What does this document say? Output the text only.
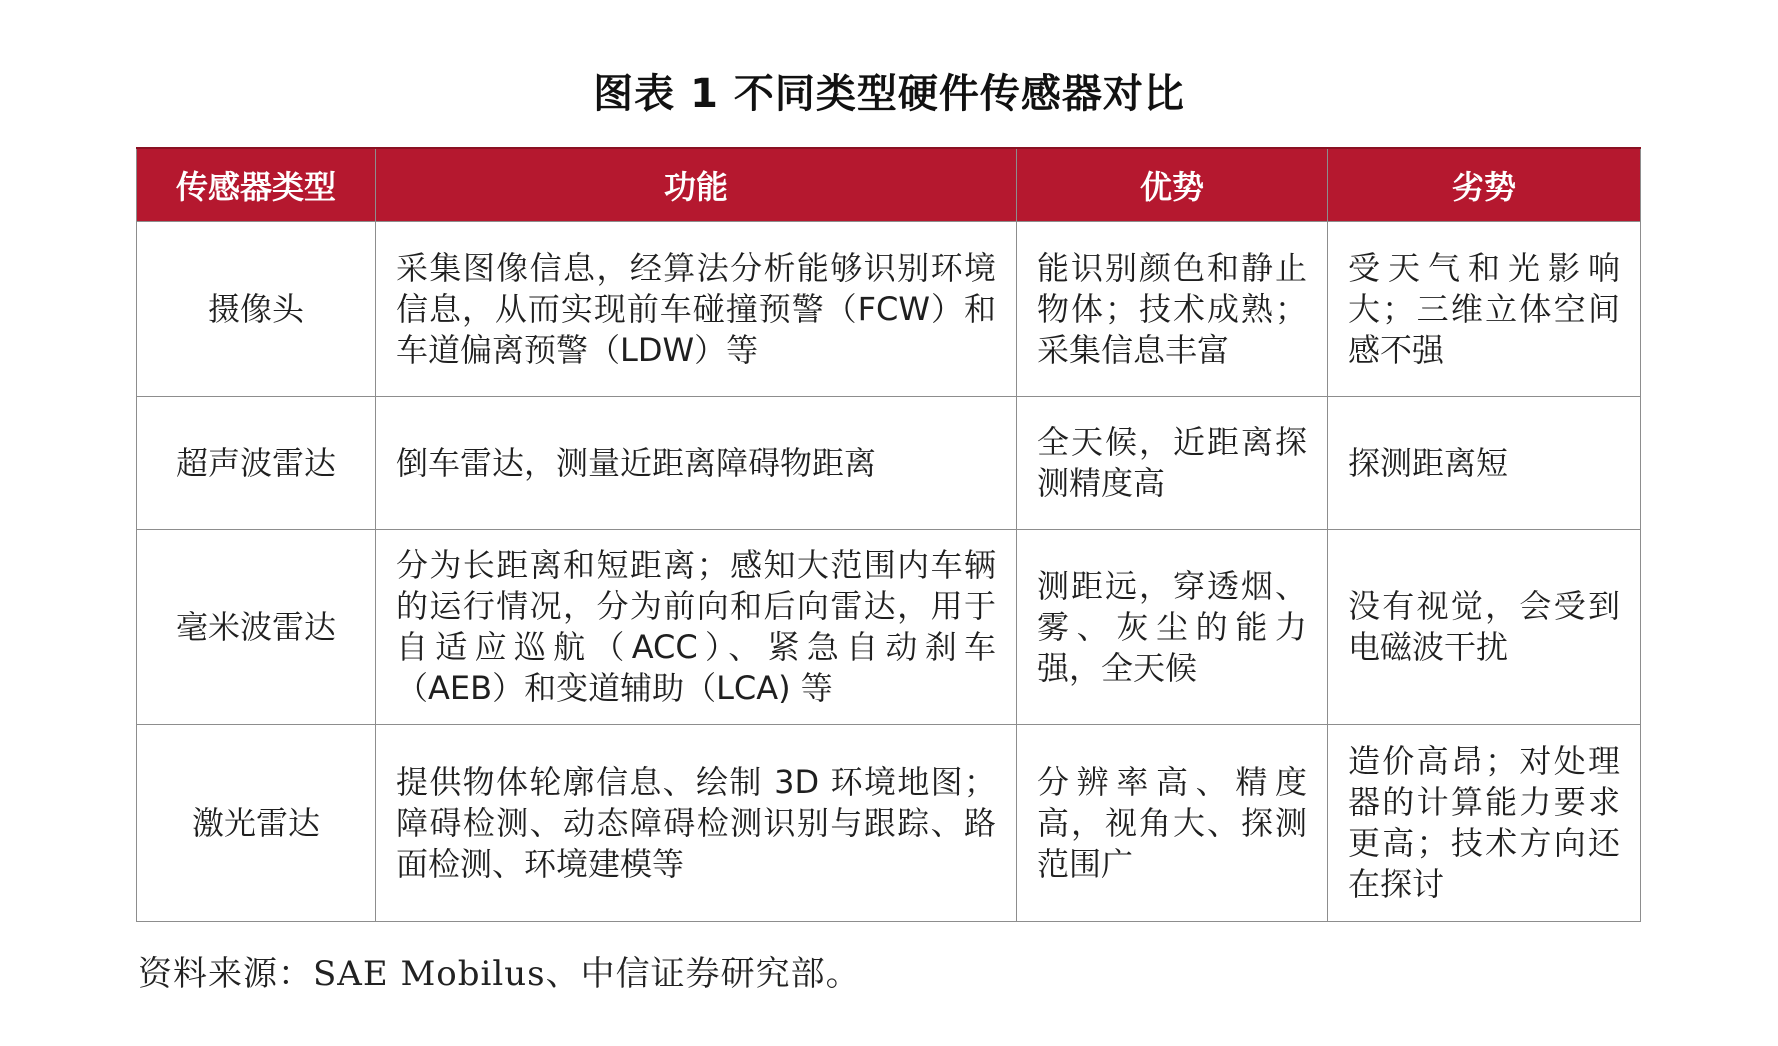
图表 1 不同类型硬件传感器对比
传感器类型	功能	优势	劣势
摄像头	采集图像信息，经算法分析能够识别环境信息，从而实现前车碰撞预警（FCW）和车道偏离预警（LDW）等	能识别颜色和静止物体；技术成熟；采集信息丰富	受天气和光影响大；三维立体空间感不强
超声波雷达	倒车雷达，测量近距离障碍物距离	全天候，近距离探测精度高	探测距离短
毫米波雷达	分为长距离和短距离；感知大范围内车辆的运行情况，分为前向和后向雷达，用于自适应巡航（ACC）、紧急自动刹车（AEB）和变道辅助（LCA) 等	测距远，穿透烟、雾、灰尘的能力强，全天候	没有视觉，会受到电磁波干扰
激光雷达	提供物体轮廓信息、绘制 3D 环境地图；障碍检测、动态障碍检测识别与跟踪、路面检测、环境建模等	分辨率高、精度高，视角大、探测范围广	造价高昂；对处理器的计算能力要求更高；技术方向还在探讨
资料来源：SAE Mobilus、中信证券研究部。
